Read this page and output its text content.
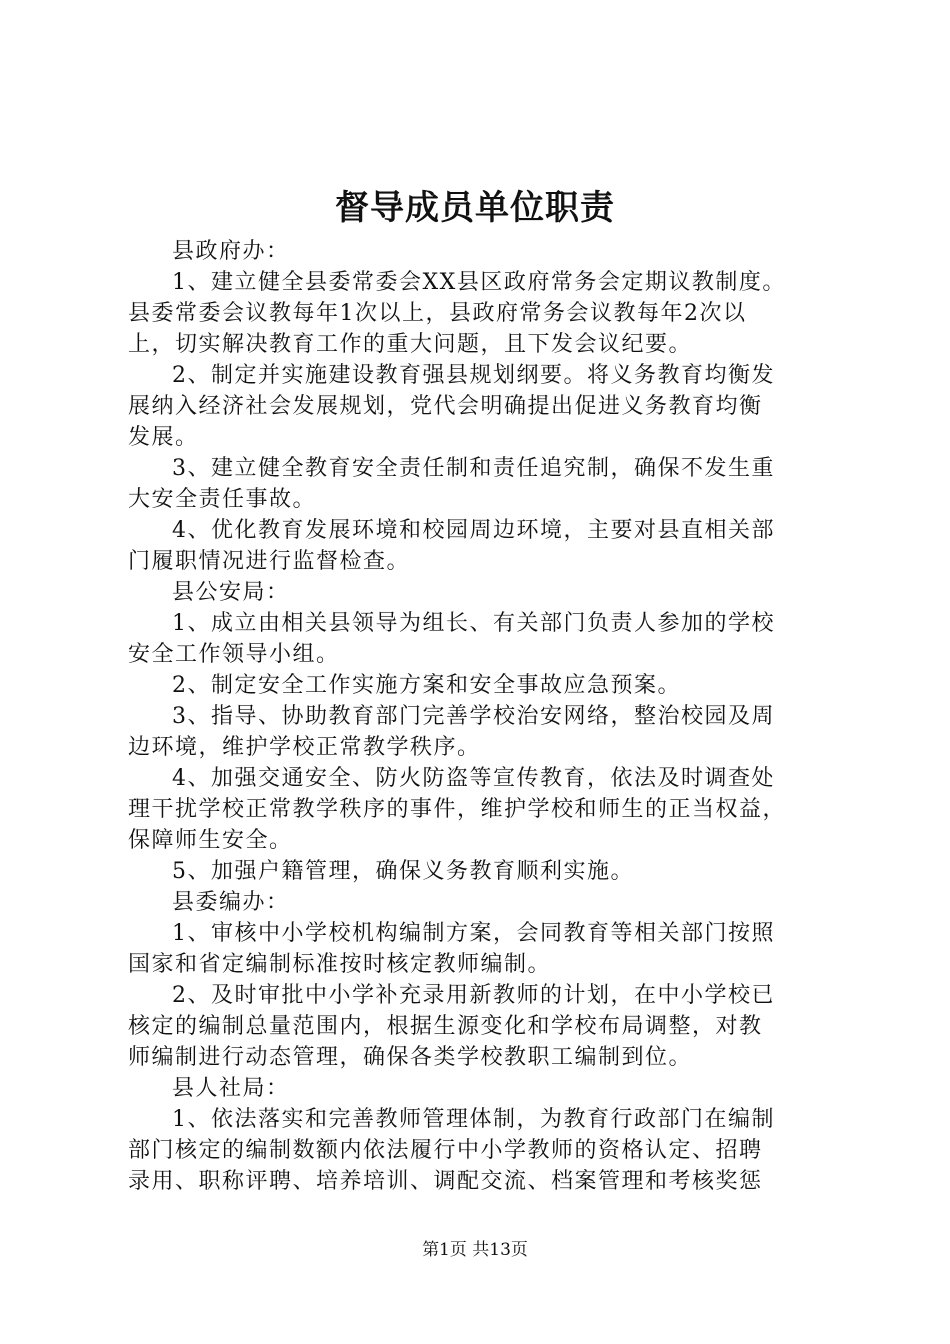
督导成员单位职责
县政府办：
1、建立健全县委常委会XX县区政府常务会定期议教制度。
县委常委会议教每年1次以上，县政府常务会议教每年2次以
上，切实解决教育工作的重大问题，且下发会议纪要。
2、制定并实施建设教育强县规划纲要。将义务教育均衡发
展纳入经济社会发展规划，党代会明确提出促进义务教育均衡
发展。
3、建立健全教育安全责任制和责任追究制，确保不发生重
大安全责任事故。
4、优化教育发展环境和校园周边环境，主要对县直相关部
门履职情况进行监督检查。
县公安局：
1、成立由相关县领导为组长、有关部门负责人参加的学校
安全工作领导小组。
2、制定安全工作实施方案和安全事故应急预案。
3、指导、协助教育部门完善学校治安网络，整治校园及周
边环境，维护学校正常教学秩序。
4、加强交通安全、防火防盗等宣传教育，依法及时调查处
理干扰学校正常教学秩序的事件，维护学校和师生的正当权益，
保障师生安全。
5、加强户籍管理，确保义务教育顺利实施。
县委编办：
1、审核中小学校机构编制方案，会同教育等相关部门按照
国家和省定编制标准按时核定教师编制。
2、及时审批中小学补充录用新教师的计划，在中小学校已
核定的编制总量范围内，根据生源变化和学校布局调整，对教
师编制进行动态管理，确保各类学校教职工编制到位。
县人社局：
1、依法落实和完善教师管理体制，为教育行政部门在编制
部门核定的编制数额内依法履行中小学教师的资格认定、招聘
录用、职称评聘、培养培训、调配交流、档案管理和考核奖惩
第1页 共13页
